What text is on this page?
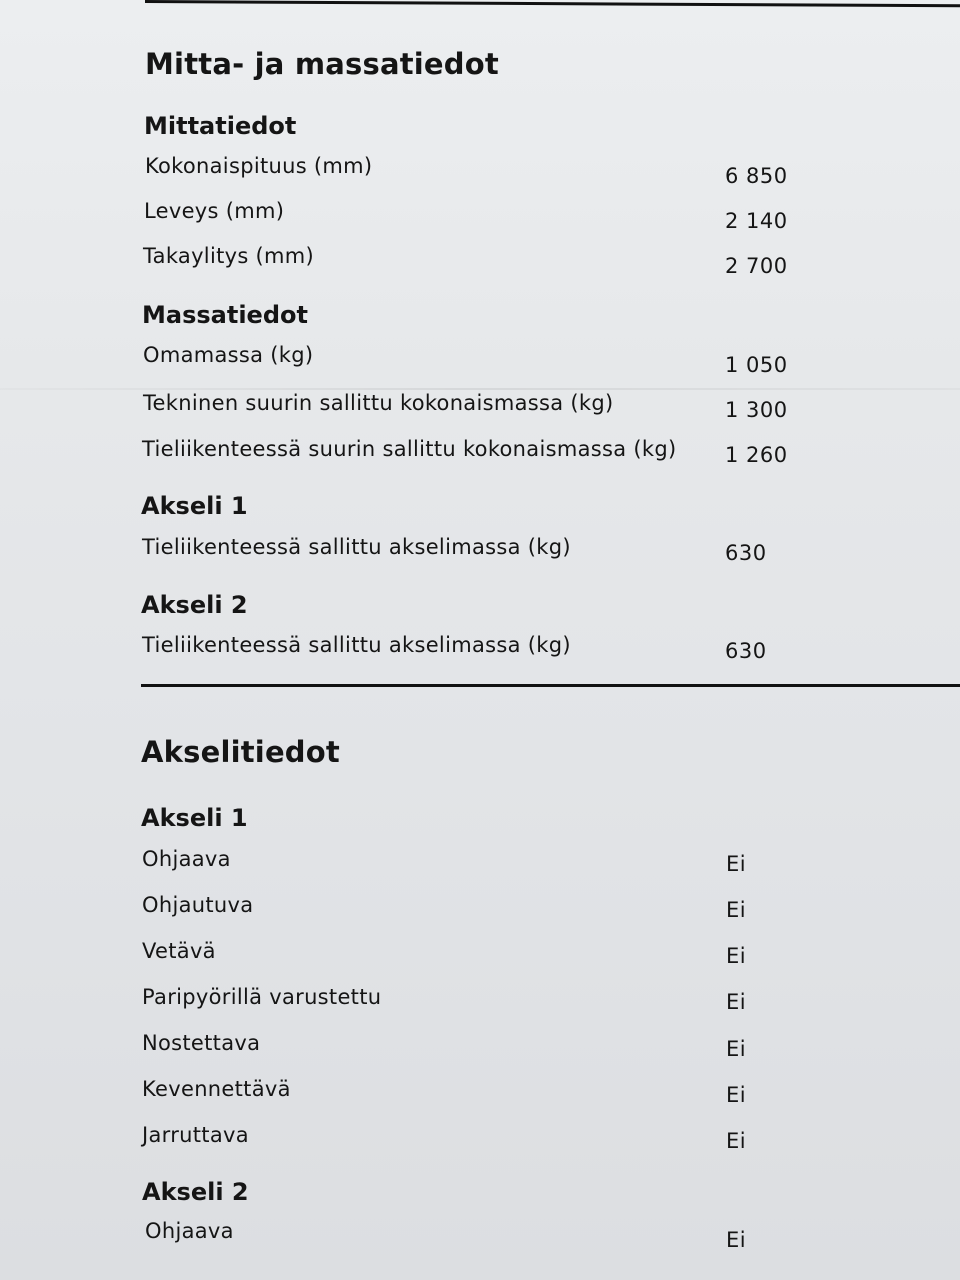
Mitta- ja massatiedot
Mittatiedot
Kokonaispituus (mm)	6 850
Leveys (mm)	2 140
Takaylitys (mm)	2 700
Massatiedot
Omamassa (kg)	1 050
Tekninen suurin sallittu kokonaismassa (kg)	1 300
Tieliikenteessä suurin sallittu kokonaismassa (kg) 1 260
Akseli 1
Tieliikenteessä sallittu akselimassa (kg)	630
Akseli 2
Tieliikenteessä sallittu akselimassa (kg)	630
Akselitiedot
Akseli 1
Ohjaava	Ei
Ohjautuva	Ei
Vetävä	Ei
Paripyörillä varustettu	Ei
Nostettava	Ei
Kevennettävä	Ei
Jarruttava	Ei
Akseli 2
Ohjaava	Ei
